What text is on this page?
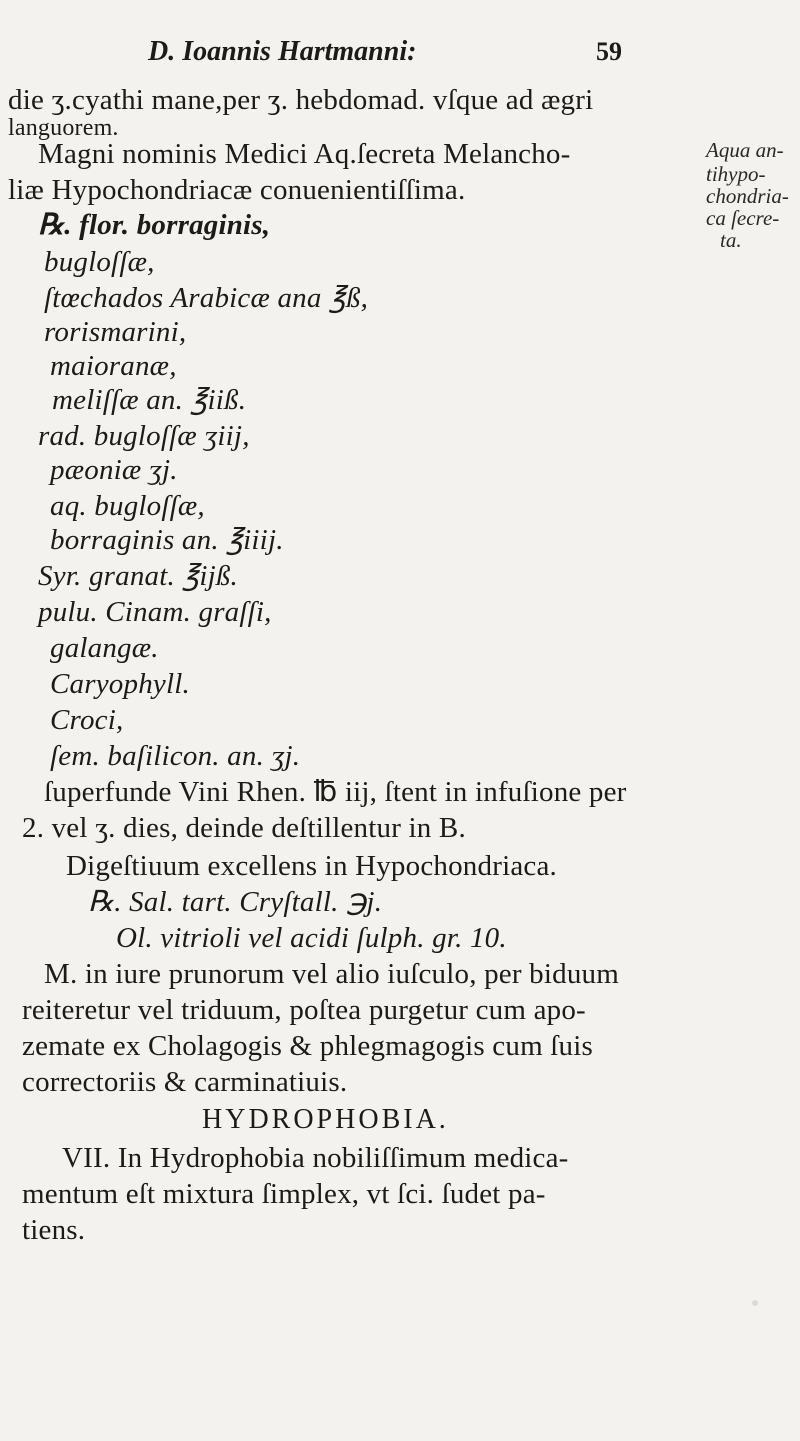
D. Ioannis Hartmanni:	59
die ʒ.cyathi mane,per ʒ. hebdomad. vſque ad ægri
languorem.
Magni nominis Medici Aq.ſecreta Melancho-
liæ Hypochondriacæ conuenientiſſima.
℞. flor. borraginis,
bugloſſæ,
ſtœchados Arabicæ ana ℥ß,
rorismarini,
maioranæ,
meliſſæ an. ℥iiß.
rad. bugloſſæ ʒiij,
pæoniæ ʒj.
aq. bugloſſæ,
borraginis an. ℥iiij.
Syr. granat. ℥ijß.
pulu. Cinam. graſſi,
galangæ.
Caryophyll.
Croci,
ſem. baſilicon. an. ʒj.
ſuperfunde Vini Rhen. ℔ iij, ſtent in infuſione per
2. vel ʒ. dies, deinde deſtillentur in B.
Digeſtiuum excellens in Hypochondriaca.
℞. Sal. tart. Cryſtall. ℈j.
Ol. vitrioli vel acidi ſulph. gr. 10.
M. in iure prunorum vel alio iuſculo, per biduum
reiteretur vel triduum, poſtea purgetur cum apo-
zemate ex Cholagogis & phlegmagogis cum ſuis
correctoriis & carminatiuis.
HYDROPHOBIA.
VII. In Hydrophobia nobiliſſimum medica-
mentum eſt mixtura ſimplex, vt ſci. ſudet pa-
tiens.
Aqua an-
tihypo-
chondria-
ca ſecre-
ta.
